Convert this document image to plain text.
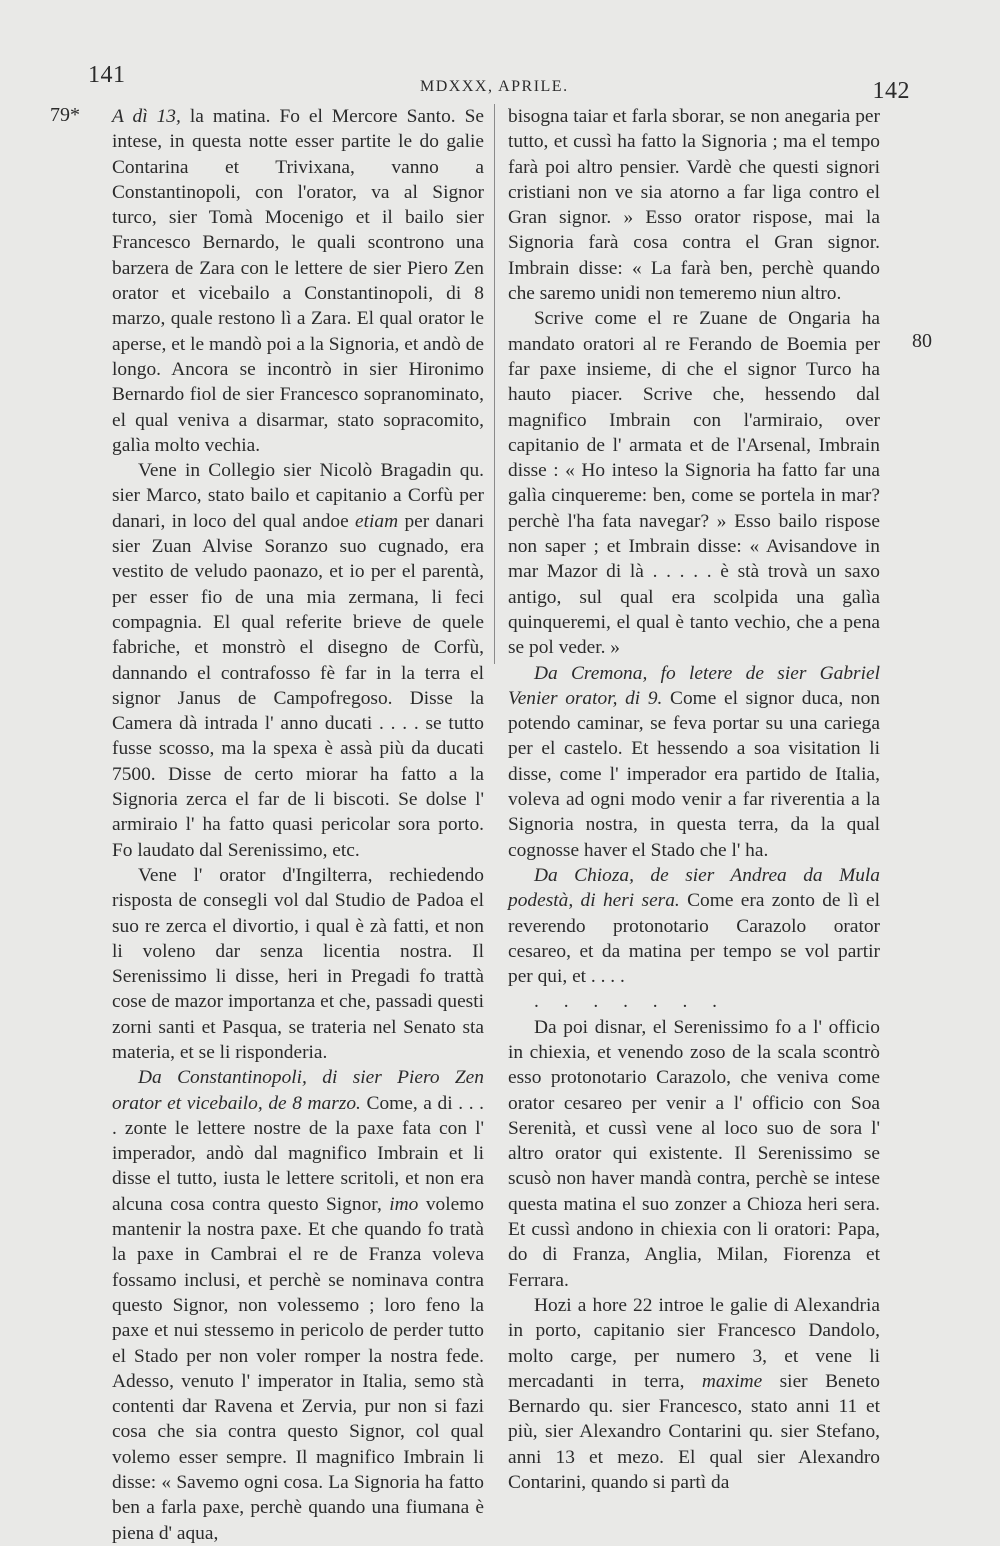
141	MDXXX, APRILE.	142
79*
80

A dì 13, la matina. Fo el Mercore Santo. Se intese, in questa notte esser partite le do galie Contarina et Trivixana, vanno a Constantinopoli, con l'orator, va al Signor turco, sier Tomà Mocenigo et il bailo sier Francesco Bernardo, le quali scontrono una barzera de Zara con le lettere de sier Piero Zen orator et vicebailo a Constantinopoli, di 8 marzo, quale restono lì a Zara. El qual orator le aperse, et le mandò poi a la Signoria, et andò de longo. Ancora se incontrò in sier Hironimo Bernardo fiol de sier Francesco sopranominato, el qual veniva a disarmar, stato sopracomito, galìa molto vechia.

Vene in Collegio sier Nicolò Bragadin qu. sier Marco, stato bailo et capitanio a Corfù per danari, in loco del qual andoe etiam per danari sier Zuan Alvise Soranzo suo cugnado, era vestito de veludo paonazo, et io per el parentà, per esser fio de una mia zermana, li feci compagnia. El qual referite brieve de quele fabriche, et monstrò el disegno de Corfù, dannando el contrafosso fè far in la terra el signor Janus de Campofregoso. Disse la Camera dà intrada l' anno ducati . . . . se tutto fusse scosso, ma la spexa è assà più da ducati 7500. Disse de certo miorar ha fatto a la Signoria zerca el far de li biscoti. Se dolse l' armiraio l' ha fatto quasi pericolar sora porto. Fo laudato dal Serenissimo, etc.

Vene l' orator d'Ingilterra, rechiedendo risposta de consegli vol dal Studio de Padoa el suo re zerca el divortio, i qual è zà fatti, et non li voleno dar senza licentia nostra. Il Serenissimo li disse, heri in Pregadi fo trattà cose de mazor importanza et che, passadi questi zorni santi et Pasqua, se trateria nel Senato sta materia, et se li risponderia.

Da Constantinopoli, di sier Piero Zen orator et vicebailo, de 8 marzo. Come, a di . . . . zonte le lettere nostre de la paxe fata con l' imperador, andò dal magnifico Imbrain et li disse el tutto, iusta le lettere scritoli, et non era alcuna cosa contra questo Signor, imo volemo mantenir la nostra paxe. Et che quando fo tratà la paxe in Cambrai el re de Franza voleva fossamo inclusi, et perchè se nominava contra questo Signor, non volessemo ; loro feno la paxe et nui stessemo in pericolo de perder tutto el Stado per non voler romper la nostra fede. Adesso, venuto l' imperator in Italia, semo stà contenti dar Ravena et Zervia, pur non si fazi cosa che sia contra questo Signor, col qual volemo esser sempre. Il magnifico Imbrain li disse: « Savemo ogni cosa. La Signoria ha fatto ben a farla paxe, perchè quando una fiumana è piena d' aqua,

bisogna taiar et farla sborar, se non anegaria per tutto, et cussì ha fatto la Signoria ; ma el tempo farà poi altro pensier. Vardè che questi signori cristiani non ve sia atorno a far liga contro el Gran signor. » Esso orator rispose, mai la Signoria farà cosa contra el Gran signor. Imbrain disse: « La farà ben, perchè quando che saremo unidi non temeremo niun altro.

Scrive come el re Zuane de Ongaria ha mandato oratori al re Ferando de Boemia per far paxe insieme, di che el signor Turco ha hauto piacer. Scrive che, hessendo dal magnifico Imbrain con l'armiraio, over capitanio de l' armata et de l'Arsenal, Imbrain disse : « Ho inteso la Signoria ha fatto far una galìa cinqueremе: ben, come se portela in mar? perchè l'ha fata navegar? » Esso bailo rispose non saper ; et Imbrain disse: « Avisandove in mar Mazor di là . . . . . è stà trovà un saxo antigo, sul qual era scolpida una galìa quinqueremi, el qual è tanto vechio, che a pena se pol veder. »

Da Cremona, fo letere de sier Gabriel Venier orator, di 9. Come el signor duca, non potendo caminar, se feva portar su una cariega per el castelo. Et hessendo a soa visitation li disse, come l' imperador era partido de Italia, voleva ad ogni modo venir a far riverentia a la Signoria nostra, in questa terra, da la qual cognosse haver el Stado che l' ha.

Da Chioza, de sier Andrea da Mula podestà, di heri sera. Come era zonto de lì el reverendo protonotario Carazolo orator cesareo, et da matina per tempo se vol partir per qui, et . . . .

. . . . . . .

Da poi disnar, el Serenissimo fo a l' officio in chiexia, et venendo zoso de la scala scontrò esso protonotario Carazolo, che veniva come orator cesareo per venir a l' officio con Soa Serenità, et cussì vene al loco suo de sora l' altro orator qui existente. Il Serenissimo se scusò non haver mandà contra, perchè se intese questa matina el suo zonzer a Chioza heri sera. Et cussì andono in chiexia con li oratori: Papa, do di Franza, Anglia, Milan, Fiorenza et Ferrara.

Hozi a hore 22 introe le galie di Alexandria in porto, capitanio sier Francesco Dandolo, molto carge, per numero 3, et vene li mercadanti in terra, maxime sier Beneto Bernardo qu. sier Francesco, stato anni 11 et più, sier Alexandro Contarini qu. sier Stefano, anni 13 et mezo. El qual sier Alexandro Contarini, quando si partì da
